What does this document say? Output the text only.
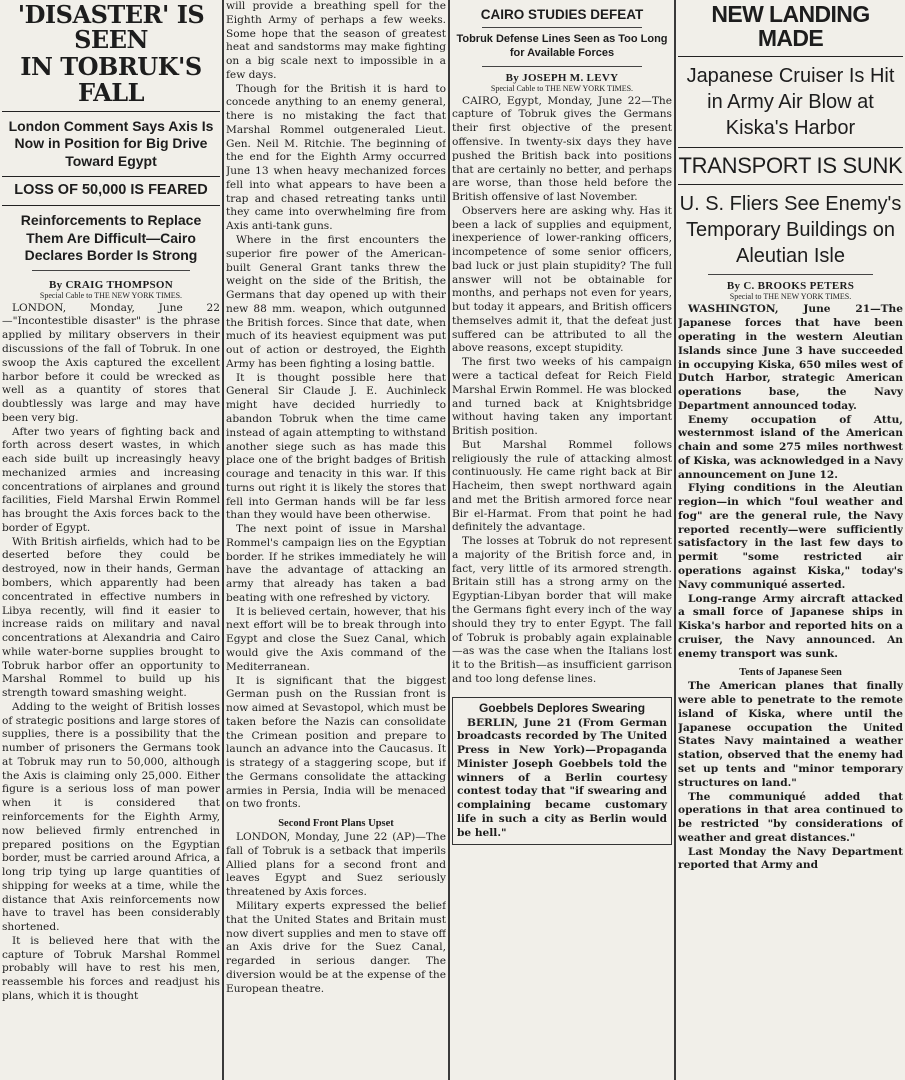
'DISASTER' IS SEEN
IN TOBRUK'S FALL

London Comment Says Axis Is Now in Position for Big Drive Toward Egypt

LOSS OF 50,000 IS FEARED

Reinforcements to Replace Them Are Difficult—Cairo Declares Border Is Strong

By CRAIG THOMPSON

Special Cable to THE NEW YORK TIMES.

LONDON, Monday, June 22—"Incontestible disaster" is the phrase applied by military observers in their discussions of the fall of Tobruk. In one swoop the Axis captured the excellent harbor before it could be wrecked as well as a quantity of stores that doubtlessly was large and may have been very big.

After two years of fighting back and forth across desert wastes, in which each side built up increasingly heavy mechanized armies and increasing concentrations of airplanes and ground facilities, Field Marshal Erwin Rommel has brought the Axis forces back to the border of Egypt.

With British airfields, which had to be deserted before they could be destroyed, now in their hands, German bombers, which apparently had been concentrated in effective numbers in Libya recently, will find it easier to increase raids on military and naval concentrations at Alexandria and Cairo while water-borne supplies brought to Tobruk harbor offer an opportunity to Marshal Rommel to build up his strength toward smashing weight.

Adding to the weight of British losses of strategic positions and large stores of supplies, there is a possibility that the number of prisoners the Germans took at Tobruk may run to 50,000, although the Axis is claiming only 25,000. Either figure is a serious loss of man power when it is considered that reinforcements for the Eighth Army, now believed firmly entrenched in prepared positions on the Egyptian border, must be carried around Africa, a long trip tying up large quantities of shipping for weeks at a time, while the distance that Axis reinforcements now have to travel has been considerably shortened.

It is believed here that with the capture of Tobruk Marshal Rommel probably will have to rest his men, reassemble his forces and readjust his plans, which it is thought

will provide a breathing spell for the Eighth Army of perhaps a few weeks. Some hope that the season of greatest heat and sandstorms may make fighting on a big scale next to impossible in a few days.

Though for the British it is hard to concede anything to an enemy general, there is no mistaking the fact that Marshal Rommel outgeneraled Lieut. Gen. Neil M. Ritchie. The beginning of the end for the Eighth Army occurred June 13 when heavy mechanized forces fell into what appears to have been a trap and chased retreating tanks until they came into overwhelming fire from Axis anti-tank guns.

Where in the first encounters the superior fire power of the American-built General Grant tanks threw the weight on the side of the British, the Germans that day opened up with their new 88 mm. weapon, which outgunned the British forces. Since that date, when much of its heaviest equipment was put out of action or destroyed, the Eighth Army has been fighting a losing battle.

It is thought possible here that General Sir Claude J. E. Auchinleck might have decided hurriedly to abandon Tobruk when the time came instead of again attempting to withstand another siege such as has made this place one of the bright badges of British courage and tenacity in this war. If this turns out right it is likely the stores that fell into German hands will be far less than they would have been otherwise.

The next point of issue in Marshal Rommel's campaign lies on the Egyptian border. If he strikes immediately he will have the advantage of attacking an army that already has taken a bad beating with one refreshed by victory.

It is believed certain, however, that his next effort will be to break through into Egypt and close the Suez Canal, which would give the Axis command of the Mediterranean.

It is significant that the biggest German push on the Russian front is now aimed at Sevastopol, which must be taken before the Nazis can consolidate the Crimean position and prepare to launch an advance into the Caucasus. It is strategy of a staggering scope, but if the Germans consolidate the attacking armies in Persia, India will be menaced on two fronts.

Second Front Plans Upset

LONDON, Monday, June 22 (AP)—The fall of Tobruk is a setback that imperils Allied plans for a second front and leaves Egypt and Suez seriously threatened by Axis forces.

Military experts expressed the belief that the United States and Britain must now divert supplies and men to stave off an Axis drive for the Suez Canal, regarded in serious danger. The diversion would be at the expense of the European theatre.

CAIRO STUDIES DEFEAT

Tobruk Defense Lines Seen as Too Long for Available Forces

By JOSEPH M. LEVY

Special Cable to THE NEW YORK TIMES.

CAIRO, Egypt, Monday, June 22—The capture of Tobruk gives the Germans their first objective of the present offensive. In twenty-six days they have pushed the British back into positions that are certainly no better, and perhaps are worse, than those held before the British offensive of last November.

Observers here are asking why. Has it been a lack of supplies and equipment, inexperience of lower-ranking officers, incompetence of some senior officers, bad luck or just plain stupidity? The full answer will not be obtainable for months, and perhaps not even for years, but today it appears, and British officers themselves admit it, that the defeat just suffered can be attributed to all the above reasons, except stupidity.

The first two weeks of his campaign were a tactical defeat for Reich Field Marshal Erwin Rommel. He was blocked and turned back at Knightsbridge without having taken any important British position.

But Marshal Rommel follows religiously the rule of attacking almost continuously. He came right back at Bir Hacheim, then swept northward again and met the British armored force near Bir el-Harmat. From that point he had definitely the advantage.

The losses at Tobruk do not represent a majority of the British force and, in fact, very little of its armored strength. Britain still has a strong army on the Egyptian-Libyan border that will make the Germans fight every inch of the way should they try to enter Egypt. The fall of Tobruk is probably again explainable—as was the case when the Italians lost it to the British—as insufficient garrison and too long defense lines.

Goebbels Deplores Swearing

BERLIN, June 21 (From German broadcasts recorded by The United Press in New York)—Propaganda Minister Joseph Goebbels told the winners of a Berlin courtesy contest today that "if swearing and complaining became customary life in such a city as Berlin would be hell."

NEW LANDING MADE

Japanese Cruiser Is Hit in Army Air Blow at Kiska's Harbor

TRANSPORT IS SUNK

U. S. Fliers See Enemy's Temporary Buildings on Aleutian Isle

By C. BROOKS PETERS

Special to THE NEW YORK TIMES.

WASHINGTON, June 21—The Japanese forces that have been operating in the western Aleutian Islands since June 3 have succeeded in occupying Kiska, 650 miles west of Dutch Harbor, strategic American operations base, the Navy Department announced today.

Enemy occupation of Attu, westernmost island of the American chain and some 275 miles northwest of Kiska, was acknowledged in a Navy announcement on June 12.

Flying conditions in the Aleutian region—in which "foul weather and fog" are the general rule, the Navy reported recently—were sufficiently satisfactory in the last few days to permit "some restricted air operations against Kiska," today's Navy communiqué asserted.

Long-range Army aircraft attacked a small force of Japanese ships in Kiska's harbor and reported hits on a cruiser, the Navy announced. An enemy transport was sunk.

Tents of Japanese Seen

The American planes that finally were able to penetrate to the remote island of Kiska, where until the Japanese occupation the United States Navy maintained a weather station, observed that the enemy had set up tents and "minor temporary structures on land."

The communiqué added that operations in that area continued to be restricted "by considerations of weather and great distances."

Last Monday the Navy Department reported that Army and
